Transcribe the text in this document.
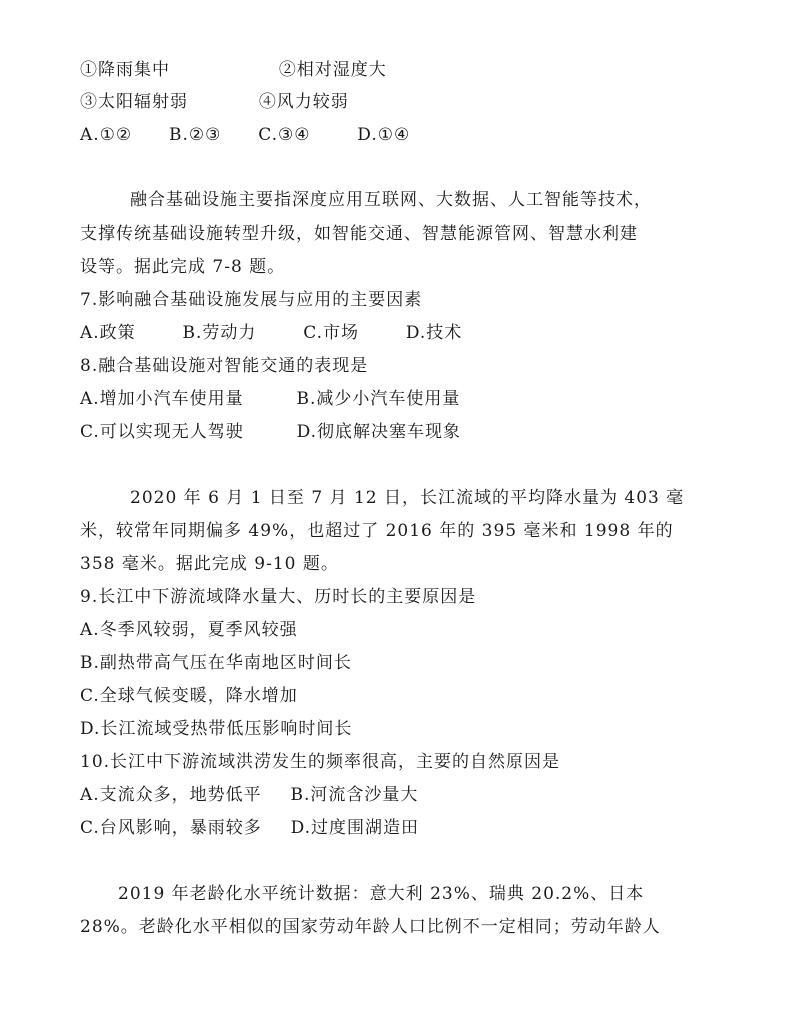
①降雨集中	②相对湿度大
③太阳辐射弱	④风力较弱
A.①② B.②③ C.③④	D.①④
融合基础设施主要指深度应用互联网、大数据、人工智能等技术，
支撑传统基础设施转型升级，如智能交通、智慧能源管网、智慧水利建
设等。据此完成 7-8 题。
7.影响融合基础设施发展与应用的主要因素
A.政策	B.劳动力	C.市场	D.技术
8.融合基础设施对智能交通的表现是
A.增加小汽车使用量	B.减少小汽车使用量
C.可以实现无人驾驶	D.彻底解决塞车现象
2020 年 6 月 1 日至 7 月 12 日，长江流域的平均降水量为 403 毫
米，较常年同期偏多 49%，也超过了 2016 年的 395 毫米和 1998 年的
358 毫米。据此完成 9-10 题。
9.长江中下游流域降水量大、历时长的主要原因是
A.冬季风较弱，夏季风较强
B.副热带高气压在华南地区时间长
C.全球气候变暖，降水增加
D.长江流域受热带低压影响时间长
10.长江中下游流域洪涝发生的频率很高，主要的自然原因是
A.支流众多，地势低平 B.河流含沙量大
C.台风影响，暴雨较多 D.过度围湖造田
2019 年老龄化水平统计数据：意大利 23%、瑞典 20.2%、日本
28%。老龄化水平相似的国家劳动年龄人口比例不一定相同；劳动年龄人
